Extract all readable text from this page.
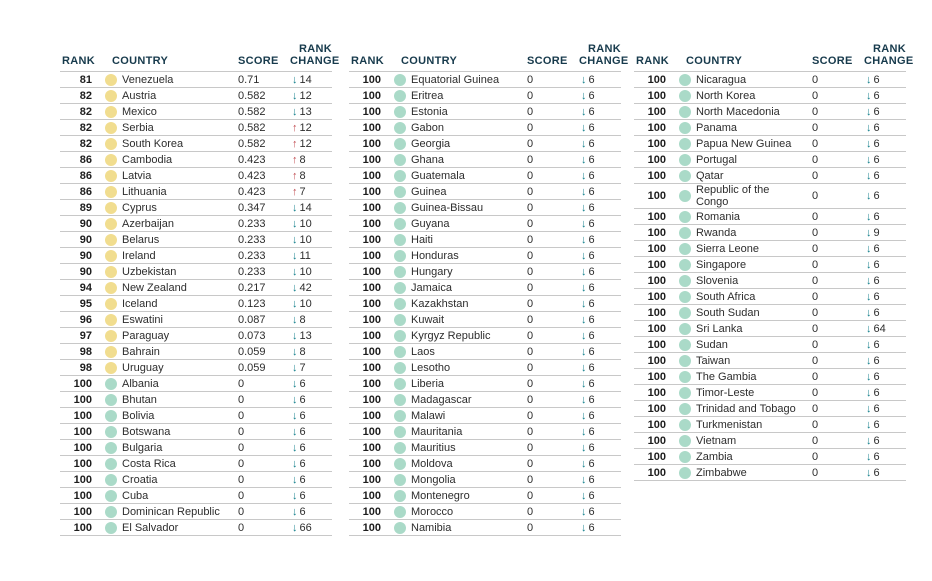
RANK	COUNTRY	SCORE
RANK
CHANGE
81	Venezuela	0.71	↓ 14
82	Austria	0.582	↓ 12
82	Mexico	0.582	↓ 13
82	Serbia	0.582	↑ 12
82	South Korea	0.582	↑ 12
86	Cambodia	0.423	↑ 8
86	Latvia	0.423	↑ 8
86	Lithuania	0.423	↑ 7
89	Cyprus	0.347	↓ 14
90	Azerbaijan	0.233	↓ 10
90	Belarus	0.233	↓ 10
90	Ireland	0.233	↓ 11
90	Uzbekistan	0.233	↓ 10
94	New Zealand	0.217	↓ 42
95	Iceland	0.123	↓ 10
96	Eswatini	0.087	↓ 8
97	Paraguay	0.073	↓ 13
98	Bahrain	0.059	↓ 8
98	Uruguay	0.059	↓ 7
100	Albania	0	↓ 6
100	Bhutan	0	↓ 6
100	Bolivia	0	↓ 6
100	Botswana	0	↓ 6
100	Bulgaria	0	↓ 6
100	Costa Rica	0	↓ 6
100	Croatia	0	↓ 6
100	Cuba	0	↓ 6
100	Dominican Republic	0	↓ 6
100	El Salvador	0	↓ 66
RANK	COUNTRY	SCORE
RANK
CHANGE
100	Equatorial Guinea	0	↓ 6
100	Eritrea	0	↓ 6
100	Estonia	0	↓ 6
100	Gabon	0	↓ 6
100	Georgia	0	↓ 6
100	Ghana	0	↓ 6
100	Guatemala	0	↓ 6
100	Guinea	0	↓ 6
100	Guinea-Bissau	0	↓ 6
100	Guyana	0	↓ 6
100	Haiti	0	↓ 6
100	Honduras	0	↓ 6
100	Hungary	0	↓ 6
100	Jamaica	0	↓ 6
100	Kazakhstan	0	↓ 6
100	Kuwait	0	↓ 6
100	Kyrgyz Republic	0	↓ 6
100	Laos	0	↓ 6
100	Lesotho	0	↓ 6
100	Liberia	0	↓ 6
100	Madagascar	0	↓ 6
100	Malawi	0	↓ 6
100	Mauritania	0	↓ 6
100	Mauritius	0	↓ 6
100	Moldova	0	↓ 6
100	Mongolia	0	↓ 6
100	Montenegro	0	↓ 6
100	Morocco	0	↓ 6
100	Namibia	0	↓ 6
RANK	COUNTRY	SCORE
RANK
CHANGE
100	Nicaragua	0	↓ 6
100	North Korea	0	↓ 6
100	North Macedonia	0	↓ 6
100	Panama	0	↓ 6
100	Papua New Guinea	0	↓ 6
100	Portugal	0	↓ 6
100	Qatar	0	↓ 6
100	Republic of the Congo	0	↓ 6
100	Romania	0	↓ 6
100	Rwanda	0	↓ 9
100	Sierra Leone	0	↓ 6
100	Singapore	0	↓ 6
100	Slovenia	0	↓ 6
100	South Africa	0	↓ 6
100	South Sudan	0	↓ 6
100	Sri Lanka	0	↓ 64
100	Sudan	0	↓ 6
100	Taiwan	0	↓ 6
100	The Gambia	0	↓ 6
100	Timor-Leste	0	↓ 6
100	Trinidad and Tobago	0	↓ 6
100	Turkmenistan	0	↓ 6
100	Vietnam	0	↓ 6
100	Zambia	0	↓ 6
100	Zimbabwe	0	↓ 6
